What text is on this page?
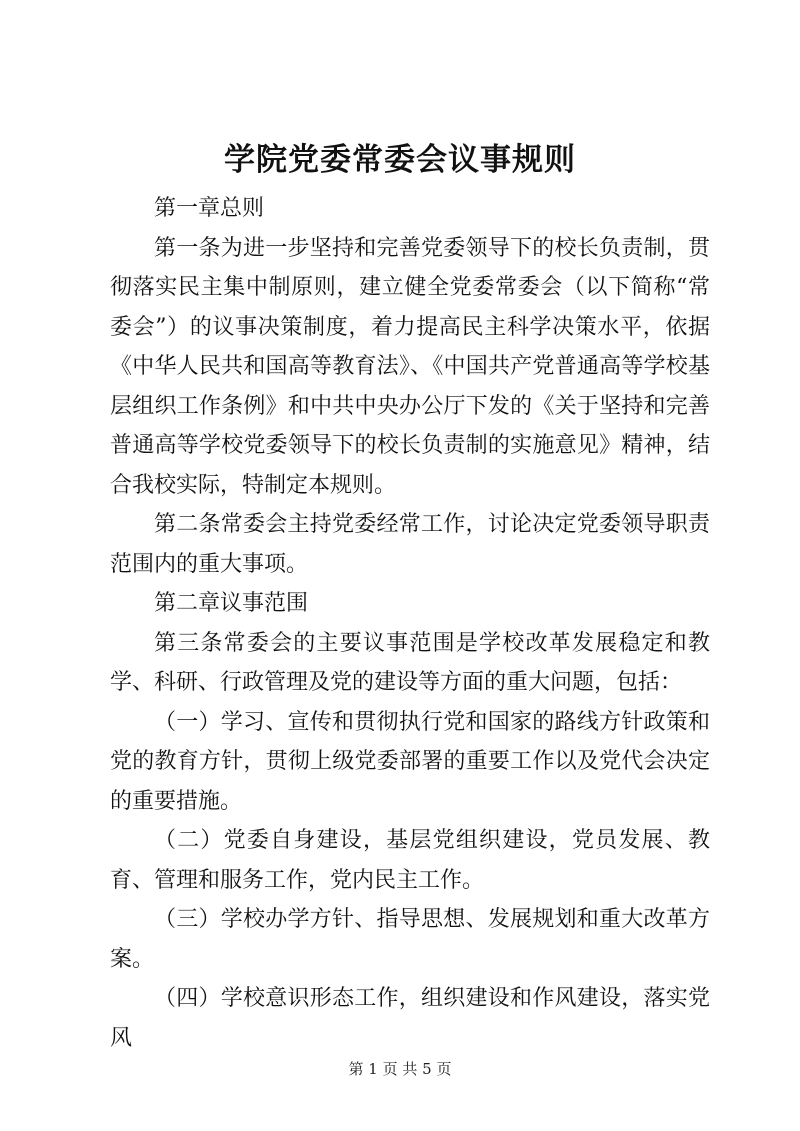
学院党委常委会议事规则

第一章总则

第一条为进一步坚持和完善党委领导下的校长负责制，贯彻落实民主集中制原则，建立健全党委常委会（以下简称“常委会”）的议事决策制度，着力提高民主科学决策水平，依据《中华人民共和国高等教育法》、《中国共产党普通高等学校基层组织工作条例》和中共中央办公厅下发的《关于坚持和完善普通高等学校党委领导下的校长负责制的实施意见》精神，结合我校实际，特制定本规则。

第二条常委会主持党委经常工作，讨论决定党委领导职责范围内的重大事项。

第二章议事范围

第三条常委会的主要议事范围是学校改革发展稳定和教学、科研、行政管理及党的建设等方面的重大问题，包括：

（一）学习、宣传和贯彻执行党和国家的路线方针政策和党的教育方针，贯彻上级党委部署的重要工作以及党代会决定的重要措施。

（二）党委自身建设，基层党组织建设，党员发展、教育、管理和服务工作，党内民主工作。

（三）学校办学方针、指导思想、发展规划和重大改革方案。

（四）学校意识形态工作，组织建设和作风建设，落实党风

第 1 页 共 5 页
